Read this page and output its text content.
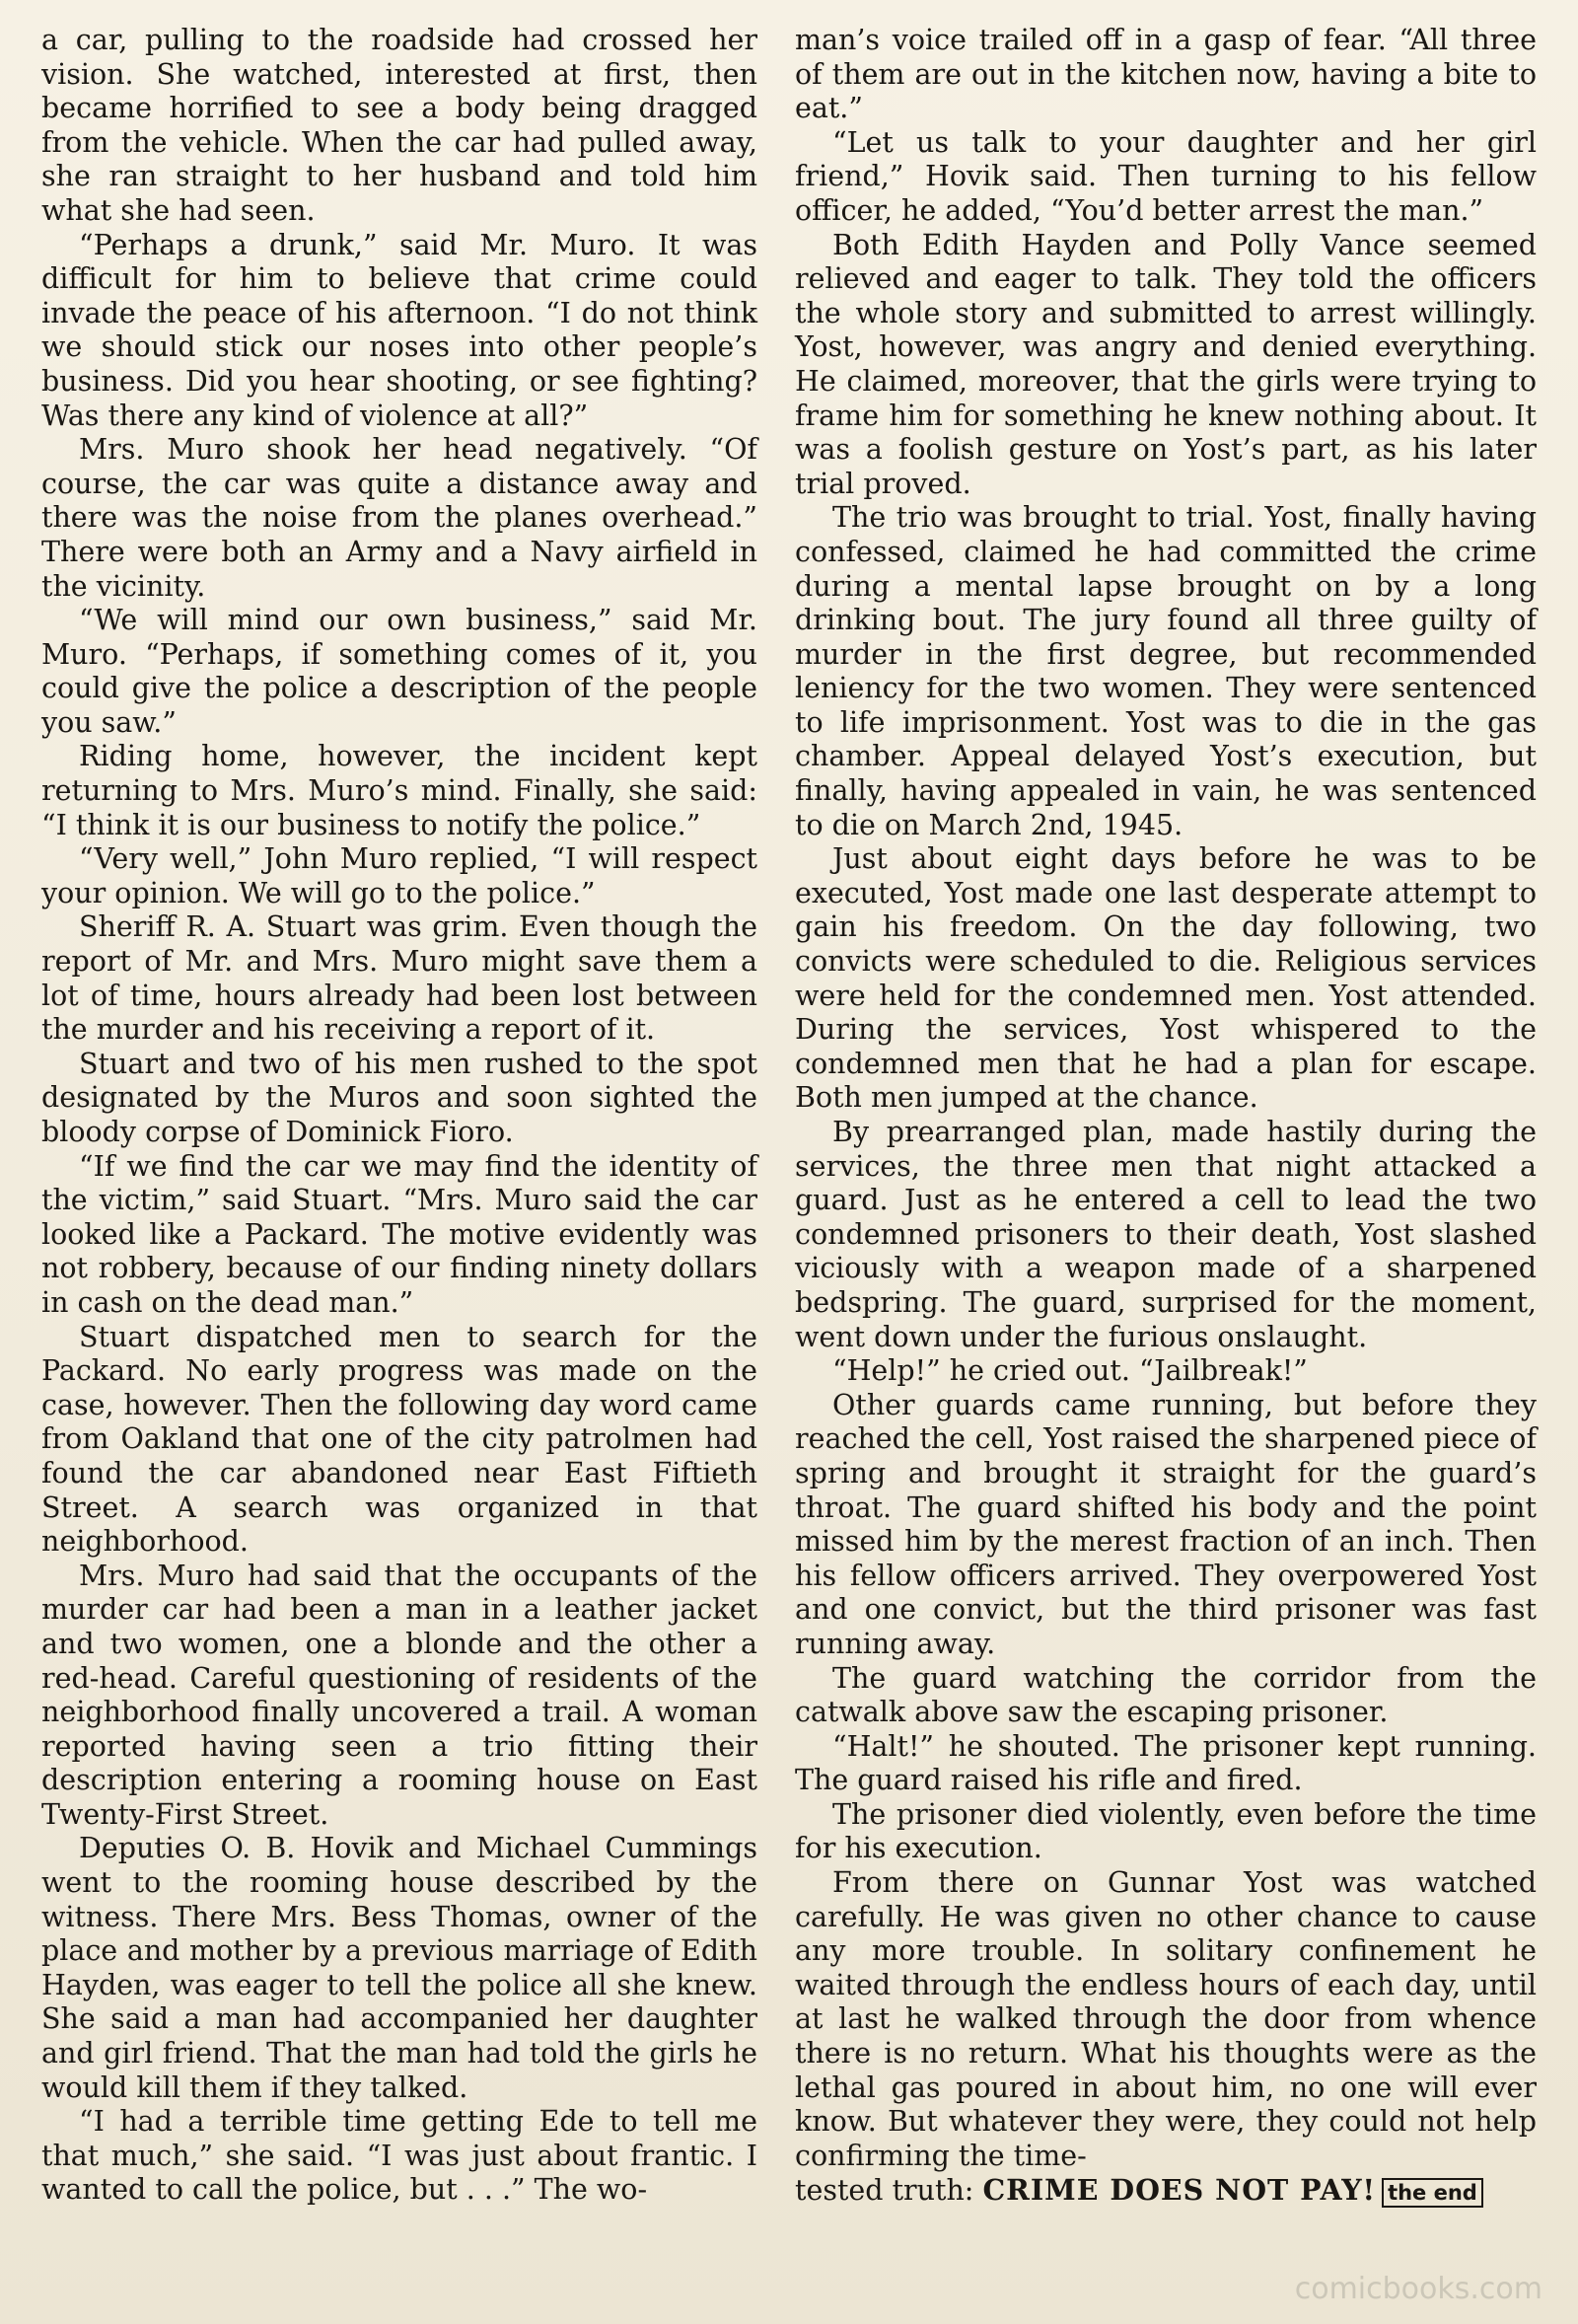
a car, pulling to the roadside had crossed her vision. She watched, interested at first, then became horrified to see a body being dragged from the vehicle. When the car had pulled away, she ran straight to her husband and told him what she had seen.

“Perhaps a drunk,” said Mr. Muro. It was difficult for him to believe that crime could invade the peace of his afternoon. “I do not think we should stick our noses into other people’s business. Did you hear shooting, or see fighting? Was there any kind of violence at all?”

Mrs. Muro shook her head negatively. “Of course, the car was quite a distance away and there was the noise from the planes overhead.” There were both an Army and a Navy airfield in the vicinity.

“We will mind our own business,” said Mr. Muro. “Perhaps, if something comes of it, you could give the police a description of the people you saw.”

Riding home, however, the incident kept returning to Mrs. Muro’s mind. Finally, she said: “I think it is our business to notify the police.”

“Very well,” John Muro replied, “I will respect your opinion. We will go to the police.”

Sheriff R. A. Stuart was grim. Even though the report of Mr. and Mrs. Muro might save them a lot of time, hours already had been lost between the murder and his receiving a report of it.

Stuart and two of his men rushed to the spot designated by the Muros and soon sighted the bloody corpse of Dominick Fioro.

“If we find the car we may find the identity of the victim,” said Stuart. “Mrs. Muro said the car looked like a Packard. The motive evidently was not robbery, because of our finding ninety dollars in cash on the dead man.”

Stuart dispatched men to search for the Packard. No early progress was made on the case, however. Then the following day word came from Oakland that one of the city patrolmen had found the car abandoned near East Fiftieth Street. A search was organized in that neighborhood.

Mrs. Muro had said that the occupants of the murder car had been a man in a leather jacket and two women, one a blonde and the other a red-head. Careful questioning of residents of the neighborhood finally uncovered a trail. A woman reported having seen a trio fitting their description entering a rooming house on East Twenty-First Street.

Deputies O. B. Hovik and Michael Cummings went to the rooming house described by the witness. There Mrs. Bess Thomas, owner of the place and mother by a previous marriage of Edith Hayden, was eager to tell the police all she knew. She said a man had accompanied her daughter and girl friend. That the man had told the girls he would kill them if they talked.

“I had a terrible time getting Ede to tell me that much,” she said. “I was just about frantic. I wanted to call the police, but . . .” The wo-

man’s voice trailed off in a gasp of fear. “All three of them are out in the kitchen now, having a bite to eat.”

“Let us talk to your daughter and her girl friend,” Hovik said. Then turning to his fellow officer, he added, “You’d better arrest the man.”

Both Edith Hayden and Polly Vance seemed relieved and eager to talk. They told the officers the whole story and submitted to arrest willingly. Yost, however, was angry and denied everything. He claimed, moreover, that the girls were trying to frame him for something he knew nothing about. It was a foolish gesture on Yost’s part, as his later trial proved.

The trio was brought to trial. Yost, finally having confessed, claimed he had committed the crime during a mental lapse brought on by a long drinking bout. The jury found all three guilty of murder in the first degree, but recommended leniency for the two women. They were sentenced to life imprisonment. Yost was to die in the gas chamber. Appeal delayed Yost’s execution, but finally, having appealed in vain, he was sentenced to die on March 2nd, 1945.

Just about eight days before he was to be executed, Yost made one last desperate attempt to gain his freedom. On the day following, two convicts were scheduled to die. Religious services were held for the condemned men. Yost attended. During the services, Yost whispered to the condemned men that he had a plan for escape. Both men jumped at the chance.

By prearranged plan, made hastily during the services, the three men that night attacked a guard. Just as he entered a cell to lead the two condemned prisoners to their death, Yost slashed viciously with a weapon made of a sharpened bedspring. The guard, surprised for the moment, went down under the furious onslaught.

“Help!” he cried out. “Jailbreak!”

Other guards came running, but before they reached the cell, Yost raised the sharpened piece of spring and brought it straight for the guard’s throat. The guard shifted his body and the point missed him by the merest fraction of an inch. Then his fellow officers arrived. They overpowered Yost and one convict, but the third prisoner was fast running away.

The guard watching the corridor from the catwalk above saw the escaping prisoner.

“Halt!” he shouted. The prisoner kept running. The guard raised his rifle and fired.

The prisoner died violently, even before the time for his execution.

From there on Gunnar Yost was watched carefully. He was given no other chance to cause any more trouble. In solitary confinement he waited through the endless hours of each day, until at last he walked through the door from whence there is no return. What his thoughts were as the lethal gas poured in about him, no one will ever know. But whatever they were, they could not help confirming the time-

tested truth: CRIME DOES NOT PAY! the end

comicbooks.com
